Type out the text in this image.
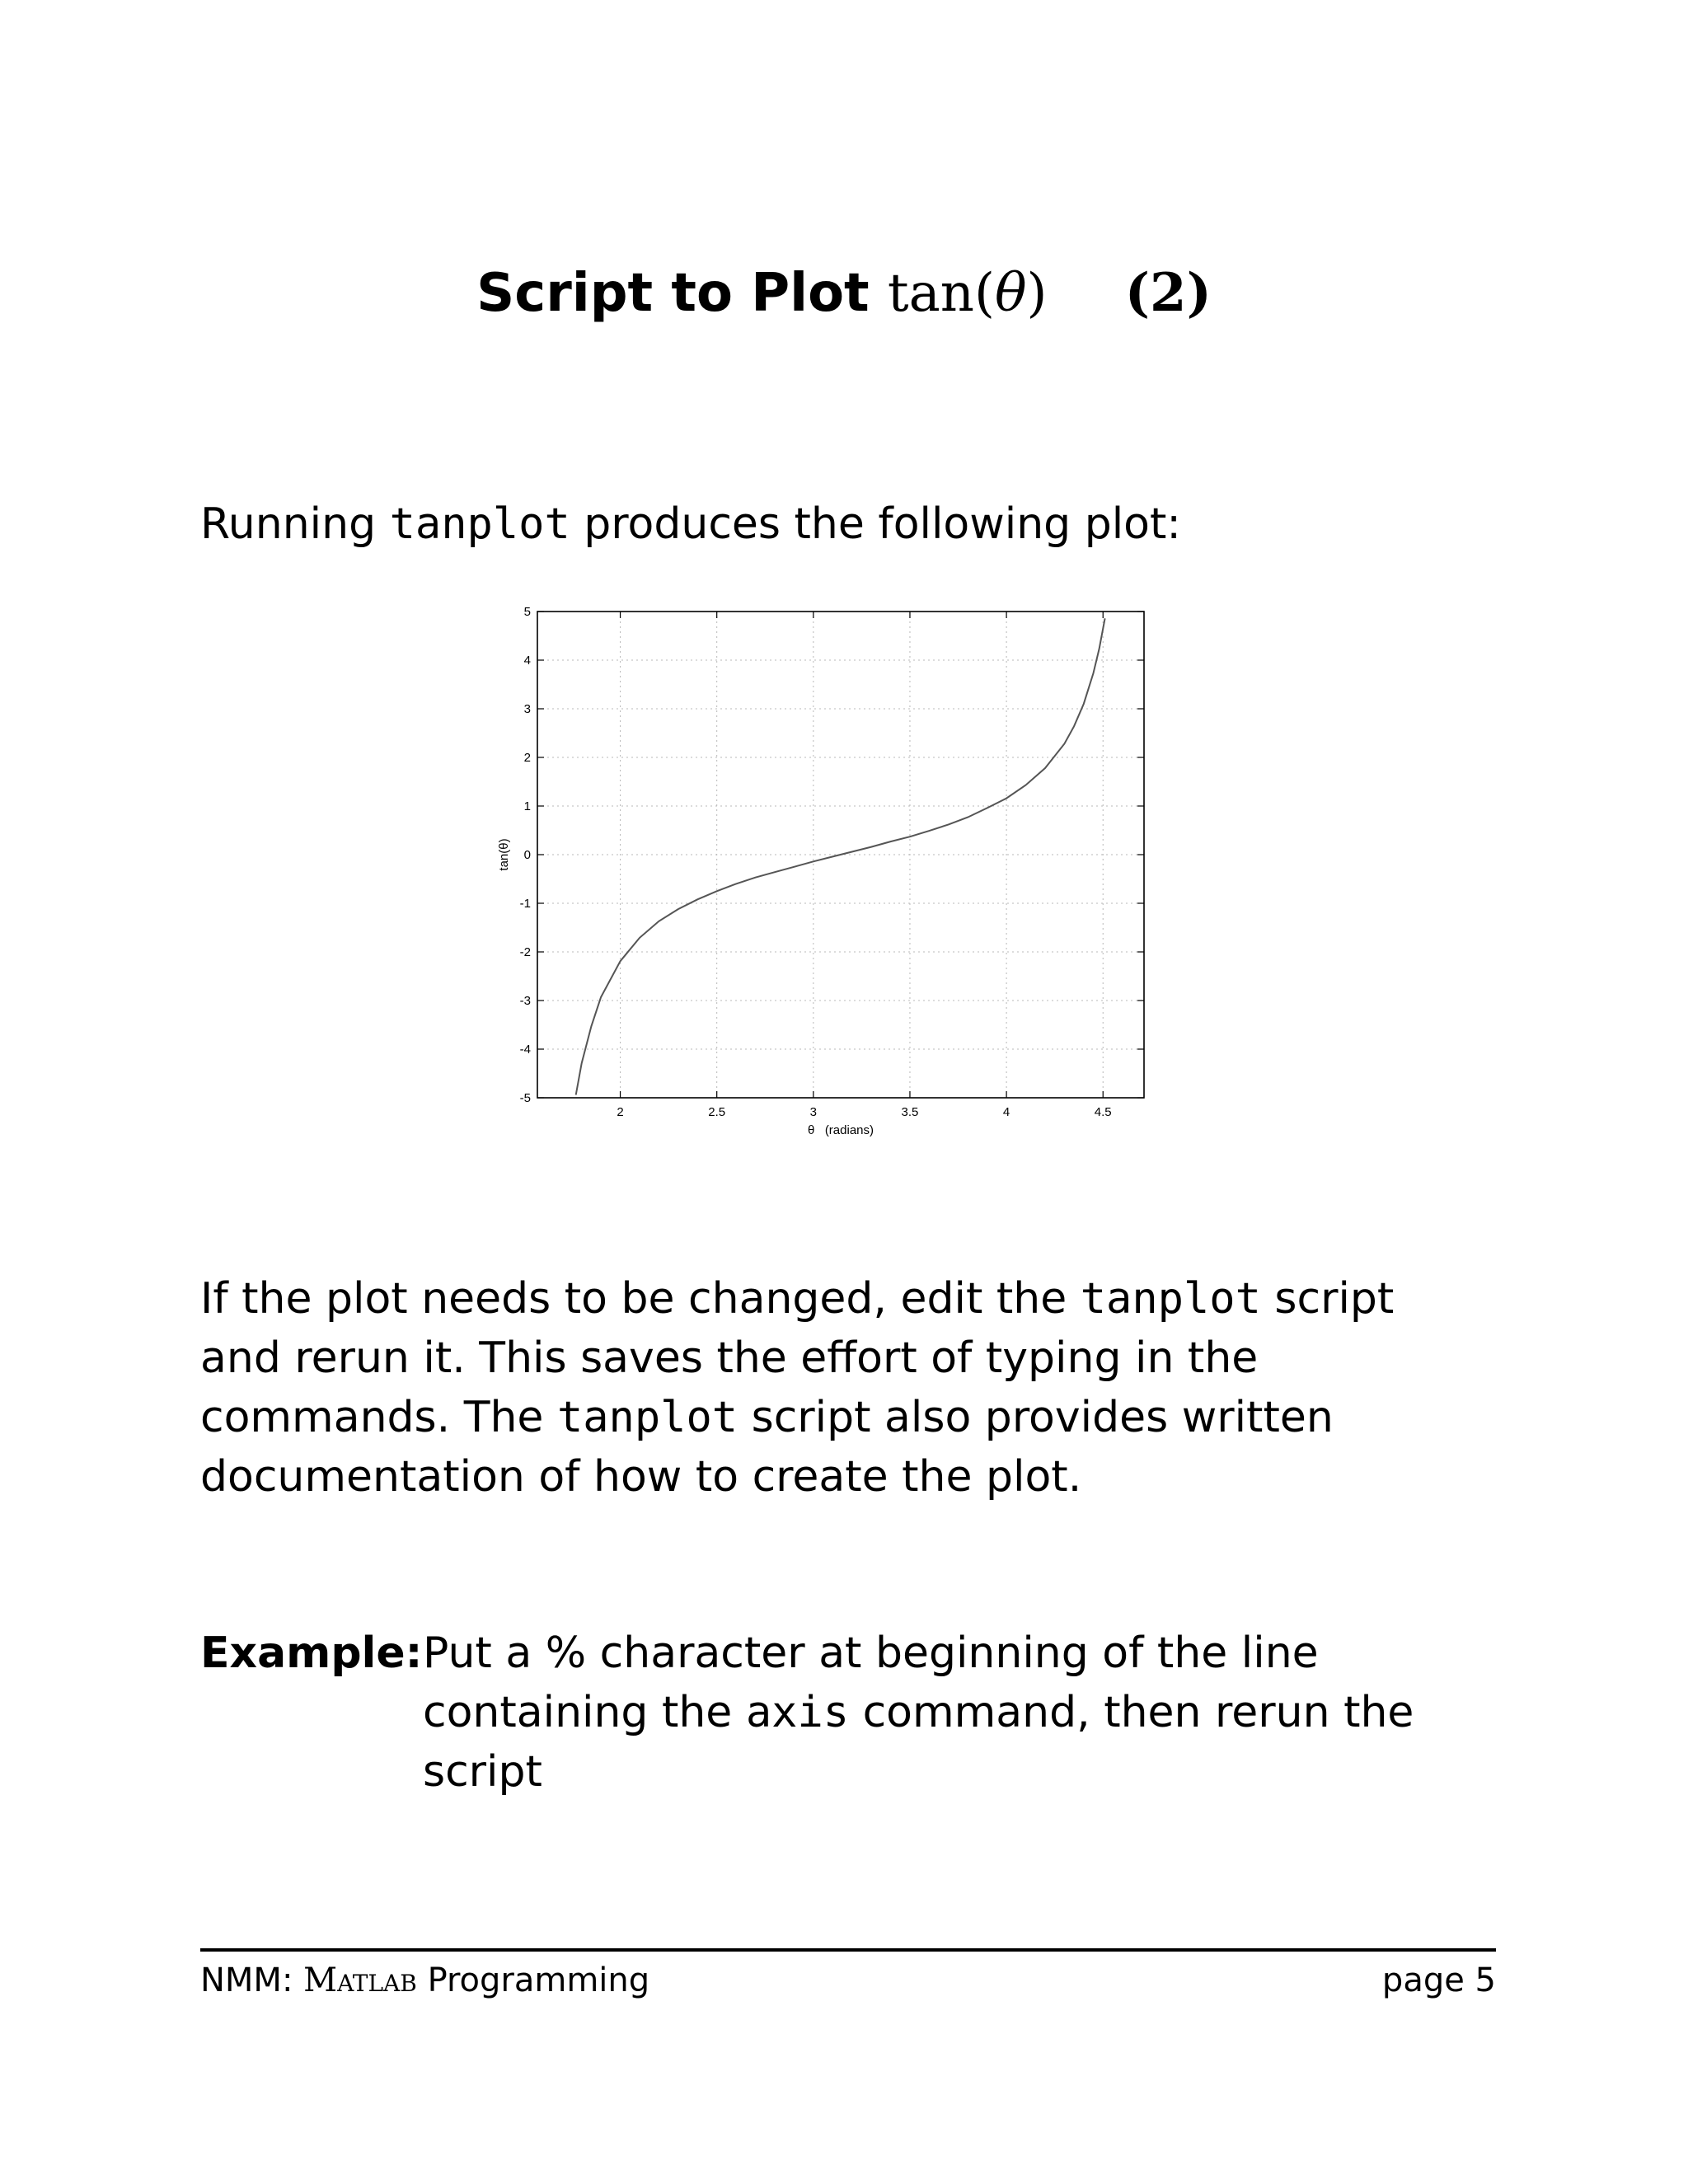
Script to Plot tan(θ) (2)
Running tanplot produces the following plot:
2	2.5	3	3.5	4	4.5
-5
-4
-3
-2
-1
0
1
2
3
4
5
θ   (radians)
tan(θ)
If the plot needs to be changed, edit the tanplot script and rerun it. This saves the effort of typing in the commands. The tanplot script also provides written documentation of how to create the plot.
Example: Put a % character at beginning of the line containing the axis command, then rerun the script
NMM: Matlab Programming	page 5
